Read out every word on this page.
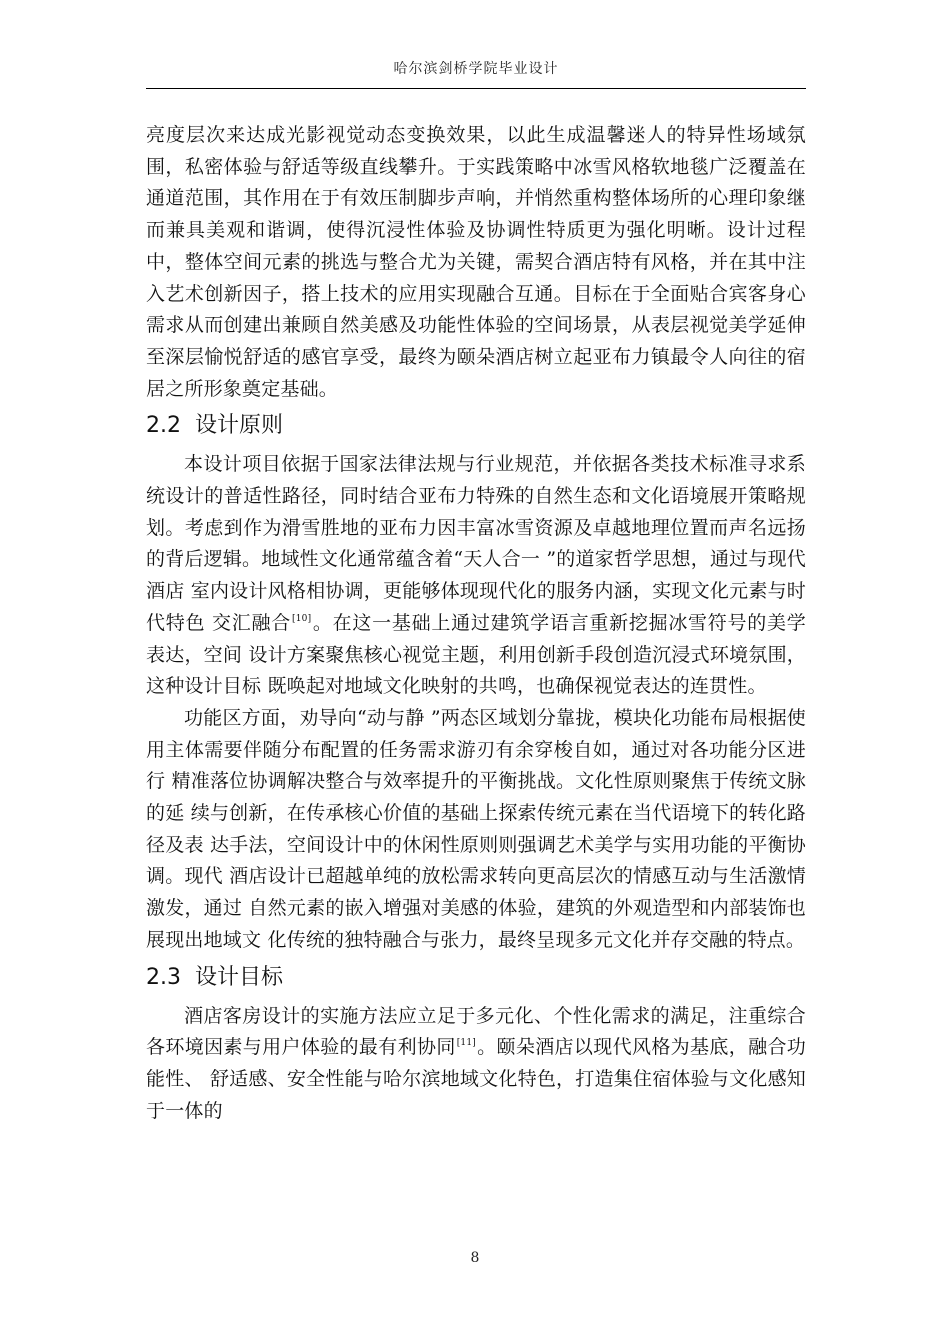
哈尔滨剑桥学院毕业设计

亮度层次来达成光影视觉动态变换效果，以此生成温馨迷人的特异性场域氛围，私密体验与舒适等级直线攀升。于实践策略中冰雪风格软地毯广泛覆盖在通道范围，其作用在于有效压制脚步声响，并悄然重构整体场所的心理印象继而兼具美观和谐调，使得沉浸性体验及协调性特质更为强化明晰。设计过程中，整体空间元素的挑选与整合尤为关键，需契合酒店特有风格，并在其中注入艺术创新因子，搭上技术的应用实现融合互通。目标在于全面贴合宾客身心需求从而创建出兼顾自然美感及功能性体验的空间场景，从表层视觉美学延伸至深层愉悦舒适的感官享受，最终为颐朵酒店树立起亚布力镇最令人向往的宿居之所形象奠定基础。

2.2 设计原则

本设计项目依据于国家法律法规与行业规范，并依据各类技术标准寻求系统设计的普适性路径，同时结合亚布力特殊的自然生态和文化语境展开策略规划。考虑到作为滑雪胜地的亚布力因丰富冰雪资源及卓越地理位置而声名远扬的背后逻辑。地域性文化通常蕴含着“天人合一 ”的道家哲学思想，通过与现代酒店 室内设计风格相协调，更能够体现现代化的服务内涵，实现文化元素与时代特色 交汇融合[10]。在这一基础上通过建筑学语言重新挖掘冰雪符号的美学表达，空间 设计方案聚焦核心视觉主题，利用创新手段创造沉浸式环境氛围，这种设计目标 既唤起对地域文化映射的共鸣，也确保视觉表达的连贯性。

功能区方面，劝导向“动与静 ”两态区域划分靠拢，模块化功能布局根据使 用主体需要伴随分布配置的任务需求游刃有余穿梭自如，通过对各功能分区进行 精准落位协调解决整合与效率提升的平衡挑战。文化性原则聚焦于传统文脉的延 续与创新，在传承核心价值的基础上探索传统元素在当代语境下的转化路径及表 达手法，空间设计中的休闲性原则则强调艺术美学与实用功能的平衡协调。现代 酒店设计已超越单纯的放松需求转向更高层次的情感互动与生活激情激发，通过 自然元素的嵌入增强对美感的体验，建筑的外观造型和内部装饰也展现出地域文 化传统的独特融合与张力，最终呈现多元文化并存交融的特点。

2.3 设计目标

酒店客房设计的实施方法应立足于多元化、个性化需求的满足，注重综合各环境因素与用户体验的最有利协同[11]。颐朵酒店以现代风格为基底，融合功能性、 舒适感、安全性能与哈尔滨地域文化特色，打造集住宿体验与文化感知于一体的

8
